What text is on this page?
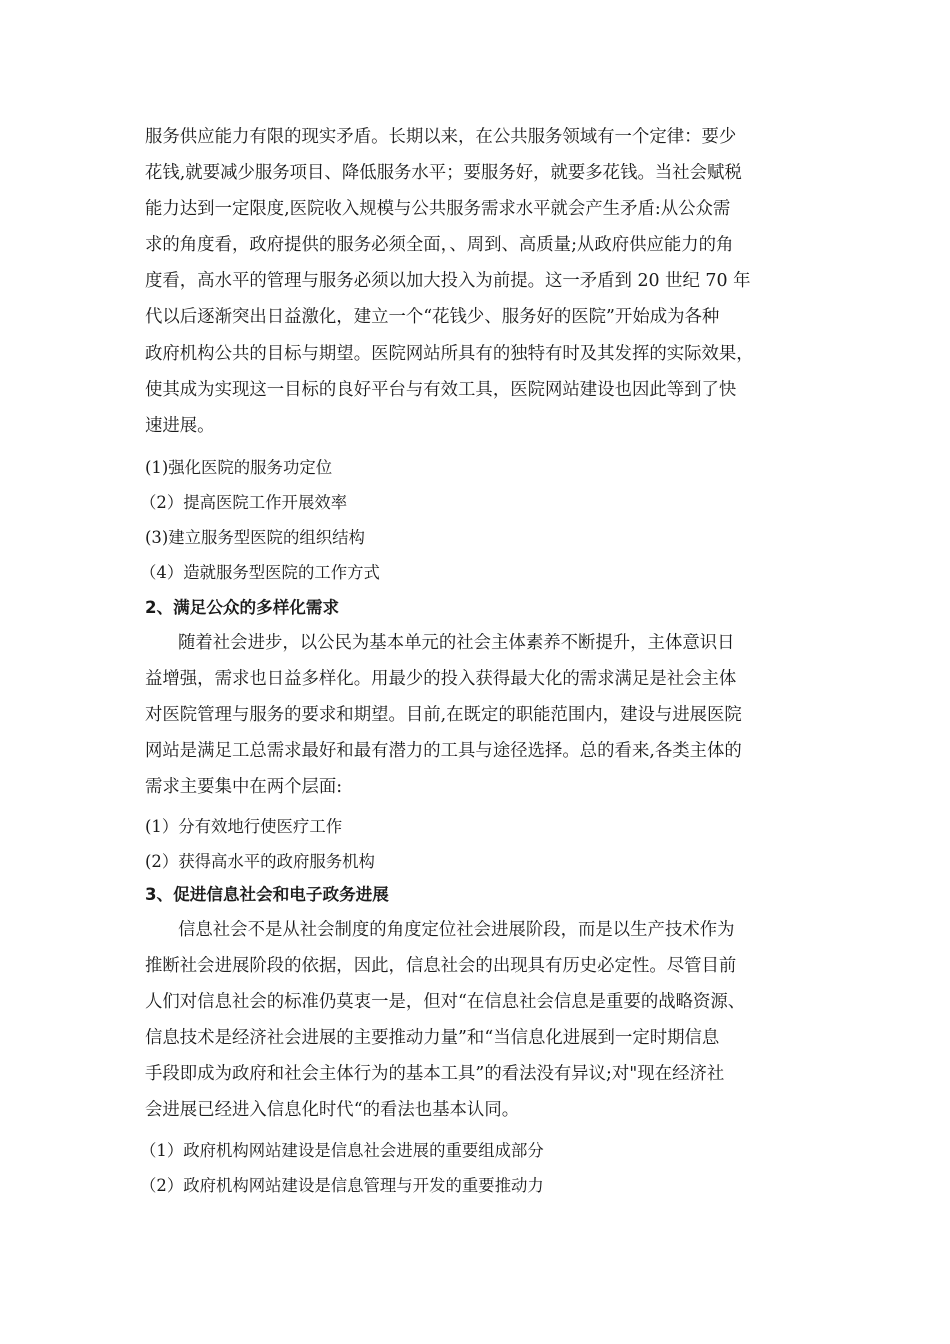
服务供应能力有限的现实矛盾。长期以来，在公共服务领域有一个定律：要少
花钱,就要减少服务项目、降低服务水平；要服务好，就要多花钱。当社会赋税
能力达到一定限度,医院收入规模与公共服务需求水平就会产生矛盾:从公众需
求的角度看，政府提供的服务必须全面，、周到、高质量;从政府供应能力的角
度看，高水平的管理与服务必须以加大投入为前提。这一矛盾到 20 世纪 70 年
代以后逐渐突出日益激化，建立一个“花钱少、服务好的医院”开始成为各种
政府机构公共的目标与期望。医院网站所具有的独特有时及其发挥的实际效果，
使其成为实现这一目标的良好平台与有效工具，医院网站建设也因此等到了快
速进展。
(1)强化医院的服务功定位
（2）提高医院工作开展效率
(3)建立服务型医院的组织结构
（4）造就服务型医院的工作方式
2、满足公众的多样化需求
随着社会进步，以公民为基本单元的社会主体素养不断提升，主体意识日
益增强，需求也日益多样化。用最少的投入获得最大化的需求满足是社会主体
对医院管理与服务的要求和期望。目前,在既定的职能范围内，建设与进展医院
网站是满足工总需求最好和最有潜力的工具与途径选择。总的看来,各类主体的
需求主要集中在两个层面:
(1）分有效地行使医疗工作
(2）获得高水平的政府服务机构
3、促进信息社会和电子政务进展
信息社会不是从社会制度的角度定位社会进展阶段，而是以生产技术作为
推断社会进展阶段的依据，因此，信息社会的出现具有历史必定性。尽管目前
人们对信息社会的标准仍莫衷一是，但对“在信息社会信息是重要的战略资源、
信息技术是经济社会进展的主要推动力量”和“当信息化进展到一定时期信息
手段即成为政府和社会主体行为的基本工具”的看法没有异议;对"现在经济社
会进展已经进入信息化时代“的看法也基本认同。
（1）政府机构网站建设是信息社会进展的重要组成部分
（2）政府机构网站建设是信息管理与开发的重要推动力
